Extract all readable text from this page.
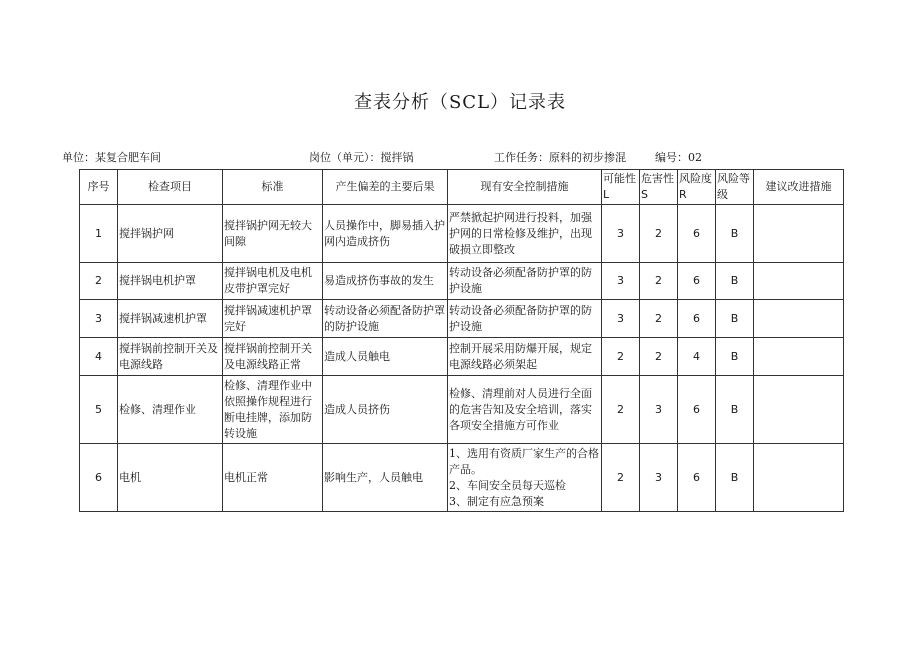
查表分析（SCL）记录表
单位：某复合肥车间	岗位（单元）：搅拌锅	工作任务：原料的初步掺混	编号：02
序号	检查项目	标准	产生偏差的主要后果	现有安全控制措施	可能性L	危害性S	风险度R	风险等级	建议改进措施
1	搅拌锅护网	搅拌锅护网无较大间隙	人员操作中，脚易插入护网内造成挤伤	严禁掀起护网进行投料，加强护网的日常检修及维护，出现破损立即整改	3	2	6	B	
2	搅拌锅电机护罩	搅拌锅电机及电机皮带护罩完好	易造成挤伤事故的发生	转动设备必须配备防护罩的防护设施	3	2	6	B	
3	搅拌锅减速机护罩	搅拌锅减速机护罩完好	转动设备必须配备防护罩的防护设施	转动设备必须配备防护罩的防护设施	3	2	6	B	
4	搅拌锅前控制开关及电源线路	搅拌锅前控制开关及电源线路正常	造成人员触电	控制开展采用防爆开展，规定电源线路必须架起	2	2	4	B	
5	检修、清理作业	检修、清理作业中依照操作规程进行断电挂牌，添加防转设施	造成人员挤伤	检修、清理前对人员进行全面的危害告知及安全培训，落实各项安全措施方可作业	2	3	6	B	
6	电机	电机正常	影响生产，人员触电	1、选用有资质厂家生产的合格产品。
2、车间安全员每天巡检
3、制定有应急预案	2	3	6	B	
